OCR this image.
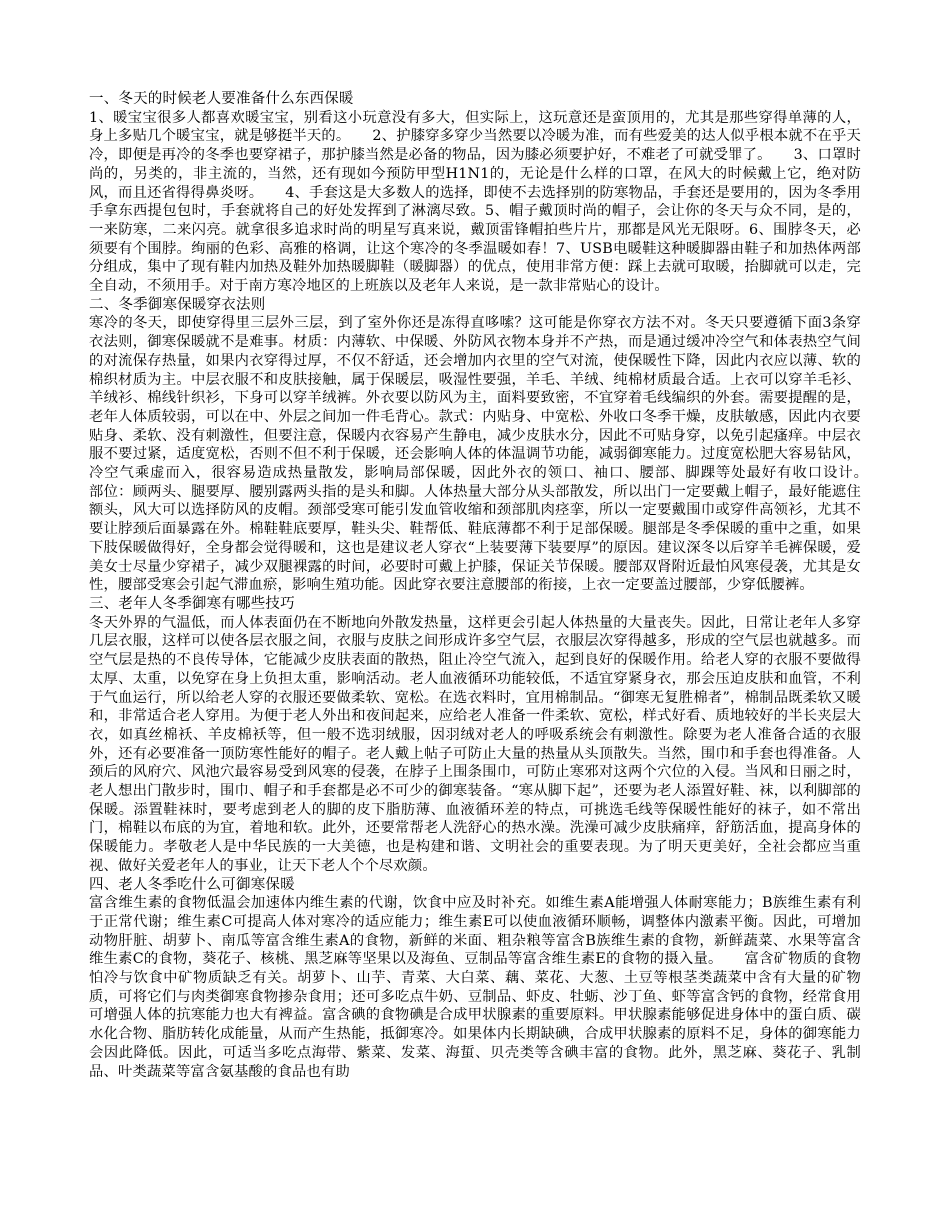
一、冬天的时候老人要准备什么东西保暖

1、暖宝宝很多人都喜欢暖宝宝，别看这小玩意没有多大，但实际上，这玩意还是蛮顶用的，尤其是那些穿得单薄的人，身上多贴几个暖宝宝，就是够挺半天的。　　2、护膝穿多穿少当然要以冷暖为准，而有些爱美的达人似乎根本就不在乎天冷，即便是再冷的冬季也要穿裙子，那护膝当然是必备的物品，因为膝必须要护好，不难老了可就受罪了。　　3、口罩时尚的，另类的，非主流的，当然，还有现如今预防甲型H1N1的，无论是什么样的口罩，在风大的时候戴上它，绝对防风，而且还省得得鼻炎呀。　　4、手套这是大多数人的选择，即使不去选择别的防寒物品，手套还是要用的，因为冬季用手拿东西提包包时，手套就将自己的好处发挥到了淋漓尽致。5、帽子戴顶时尚的帽子，会让你的冬天与众不同，是的，一来防寒，二来闪亮。就拿很多追求时尚的明星写真来说，戴顶雷锋帽拍些片片，那都是风光无限呀。6、围脖冬天，必须要有个围脖。绚丽的色彩、高雅的格调，让这个寒冷的冬季温暖如春！7、USB电暖鞋这种暖脚器由鞋子和加热体两部分组成，集中了现有鞋内加热及鞋外加热暖脚鞋（暖脚器）的优点，使用非常方便：踩上去就可取暖，抬脚就可以走，完全自动，不须用手。对于南方寒冷地区的上班族以及老年人来说，是一款非常贴心的设计。

二、冬季御寒保暖穿衣法则

寒冷的冬天，即使穿得里三层外三层，到了室外你还是冻得直哆嗦？这可能是你穿衣方法不对。冬天只要遵循下面3条穿衣法则，御寒保暖就不是难事。材质：内薄软、中保暖、外防风衣物本身并不产热，而是通过缓冲冷空气和体表热空气间的对流保存热量，如果内衣穿得过厚，不仅不舒适，还会增加内衣里的空气对流，使保暖性下降，因此内衣应以薄、软的棉织材质为主。中层衣服不和皮肤接触，属于保暖层，吸湿性要强，羊毛、羊绒、纯棉材质最合适。上衣可以穿羊毛衫、羊绒衫、棉线针织衫，下身可以穿羊绒裤。外衣要以防风为主，面料要致密，不宜穿着毛线编织的外套。需要提醒的是，老年人体质较弱，可以在中、外层之间加一件毛背心。款式：内贴身、中宽松、外收口冬季干燥，皮肤敏感，因此内衣要贴身、柔软、没有刺激性，但要注意，保暖内衣容易产生静电，减少皮肤水分，因此不可贴身穿，以免引起瘙痒。中层衣服不要过紧，适度宽松，否则不但不利于保暖，还会影响人体的体温调节功能，减弱御寒能力。过度宽松肥大容易钻风，冷空气乘虚而入，很容易造成热量散发，影响局部保暖，因此外衣的领口、袖口、腰部、脚踝等处最好有收口设计。　　部位：顾两头、腿要厚、腰别露两头指的是头和脚。人体热量大部分从头部散发，所以出门一定要戴上帽子，最好能遮住额头，风大可以选择防风的皮帽。颈部受寒可能引发血管收缩和颈部肌肉痉挛，所以一定要戴围巾或穿件高领衫，尤其不要让脖颈后面暴露在外。棉鞋鞋底要厚，鞋头尖、鞋帮低、鞋底薄都不利于足部保暖。腿部是冬季保暖的重中之重，如果下肢保暖做得好，全身都会觉得暖和，这也是建议老人穿衣“上装要薄下装要厚”的原因。建议深冬以后穿羊毛裤保暖，爱美女士尽量少穿裙子，减少双腿裸露的时间，必要时可戴上护膝，保证关节保暖。腰部双肾附近最怕风寒侵袭，尤其是女性，腰部受寒会引起气滞血瘀，影响生殖功能。因此穿衣要注意腰部的衔接，上衣一定要盖过腰部，少穿低腰裤。

三、老年人冬季御寒有哪些技巧

冬天外界的气温低，而人体表面仍在不断地向外散发热量，这样更会引起人体热量的大量丧失。因此，日常让老年人多穿几层衣服，这样可以使各层衣服之间，衣服与皮肤之间形成许多空气层，衣服层次穿得越多，形成的空气层也就越多。而空气层是热的不良传导体，它能减少皮肤表面的散热，阻止冷空气流入，起到良好的保暖作用。给老人穿的衣服不要做得太厚、太重，以免穿在身上负担太重，影响活动。老人血液循环功能较低，不适宜穿紧身衣，那会压迫皮肤和血管，不利于气血运行，所以给老人穿的衣服还要做柔软、宽松。在选衣料时，宜用棉制品。“御寒无复胜棉者”，棉制品既柔软又暖和，非常适合老人穿用。为便于老人外出和夜间起来，应给老人准备一件柔软、宽松，样式好看、质地较好的半长夹层大衣，如真丝棉袄、羊皮棉袄等，但一般不选羽绒服，因羽绒对老人的呼吸系统会有刺激性。除要为老人准备合适的衣服外，还有必要准备一顶防寒性能好的帽子。老人戴上帖子可防止大量的热量从头顶散失。当然，围巾和手套也得准备。人颈后的风府穴、风池穴最容易受到风寒的侵袭，在脖子上围条围巾，可防止寒邪对这两个穴位的入侵。当风和日丽之时，老人想出门散步时，围巾、帽子和手套都是必不可少的御寒装备。“寒从脚下起”，还要为老人添置好鞋、袜，以利脚部的保暖。添置鞋袜时，要考虑到老人的脚的皮下脂肪薄、血液循环差的特点，可挑选毛线等保暖性能好的袜子，如不常出门，棉鞋以布底的为宜，着地和软。此外，还要常帮老人洗舒心的热水澡。洗澡可减少皮肤痛痒，舒筋活血，提高身体的保暖能力。孝敬老人是中华民族的一大美德，也是构建和谐、文明社会的重要表现。为了明天更美好，全社会都应当重视、做好关爱老年人的事业，让天下老人个个尽欢颜。

四、老人冬季吃什么可御寒保暖

富含维生素的食物低温会加速体内维生素的代谢，饮食中应及时补充。如维生素A能增强人体耐寒能力；B族维生素有利于正常代谢；维生素C可提高人体对寒冷的适应能力；维生素E可以使血液循环顺畅，调整体内激素平衡。因此，可增加动物肝脏、胡萝卜、南瓜等富含维生素A的食物，新鲜的米面、粗杂粮等富含B族维生素的食物，新鲜蔬菜、水果等富含维生素C的食物，葵花子、核桃、黑芝麻等坚果以及海鱼、豆制品等富含维生素E的食物的摄入量。　　富含矿物质的食物怕冷与饮食中矿物质缺乏有关。胡萝卜、山芋、青菜、大白菜、藕、菜花、大葱、土豆等根茎类蔬菜中含有大量的矿物质，可将它们与肉类御寒食物掺杂食用；还可多吃点牛奶、豆制品、虾皮、牡蛎、沙丁鱼、虾等富含钙的食物，经常食用可增强人体的抗寒能力也大有裨益。富含碘的食物碘是合成甲状腺素的重要原料。甲状腺素能够促进身体中的蛋白质、碳水化合物、脂肪转化成能量，从而产生热能，抵御寒冷。如果体内长期缺碘，合成甲状腺素的原料不足，身体的御寒能力会因此降低。因此，可适当多吃点海带、紫菜、发菜、海蜇、贝壳类等含碘丰富的食物。此外，黑芝麻、葵花子、乳制品、叶类蔬菜等富含氨基酸的食品也有助
